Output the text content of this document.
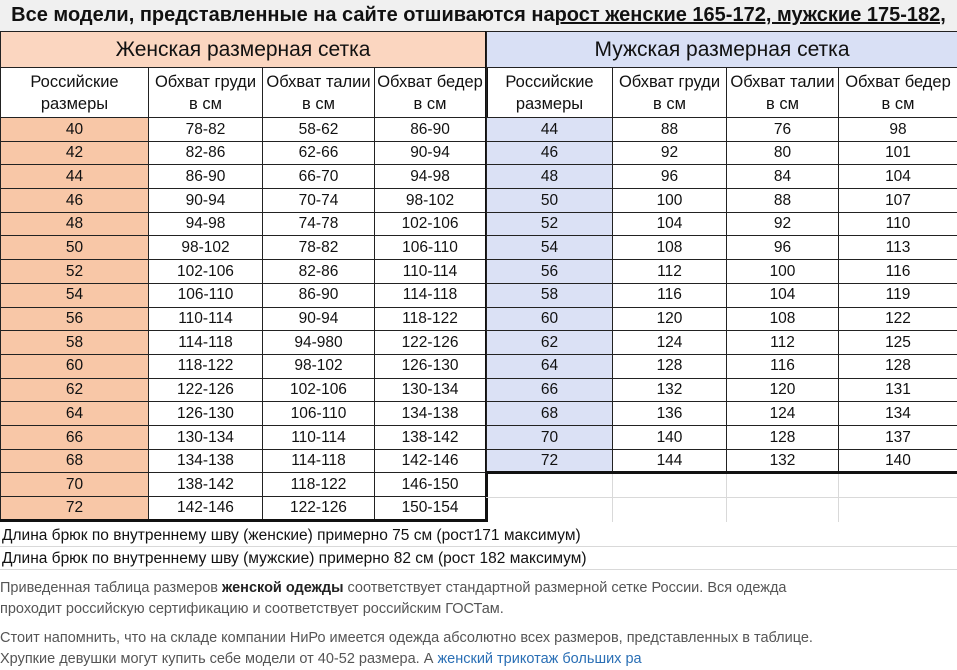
Все модели, представленные на сайте отшиваются на рост женские 165-172, мужские 175-182,
Женская размерная сетка			
Российские размеры	Обхват груди в см	Обхват талии в см	Обхват бедер в см
40	78-82	58-62	86-90
42	82-86	62-66	90-94
44	86-90	66-70	94-98
46	90-94	70-74	98-102
48	94-98	74-78	102-106
50	98-102	78-82	106-110
52	102-106	82-86	110-114
54	106-110	86-90	114-118
56	110-114	90-94	118-122
58	114-118	94-980	122-126
60	118-122	98-102	126-130
62	122-126	102-106	130-134
64	126-130	106-110	134-138
66	130-134	110-114	138-142
68	134-138	114-118	142-146
70	138-142	118-122	146-150
72	142-146	122-126	150-154
Мужская размерная сетка			
Российские размеры	Обхват груди в см	Обхват талии в см	Обхват бедер в см
44	88	76	98
46	92	80	101
48	96	84	104
50	100	88	107
52	104	92	110
54	108	96	113
56	112	100	116
58	116	104	119
60	120	108	122
62	124	112	125
64	128	116	128
66	132	120	131
68	136	124	134
70	140	128	137
72	144	132	140
Длина брюк по внутреннему шву (женские) примерно 75 см (рост171 максимум)
Длина брюк по внутреннему шву (мужские) примерно 82 см (рост 182 максимум)
Приведенная таблица размеров женской одежды соответствует стандартной размерной сетке России. Вся одежда
проходит российскую сертификацию и соответствует российским ГОСТам.
Стоит напомнить, что на складе компании НиРо имеется одежда абсолютно всех размеров, представленных в таблице.
Хрупкие девушки могут купить себе модели от 40-52 размера. А женский трикотаж больших ра
